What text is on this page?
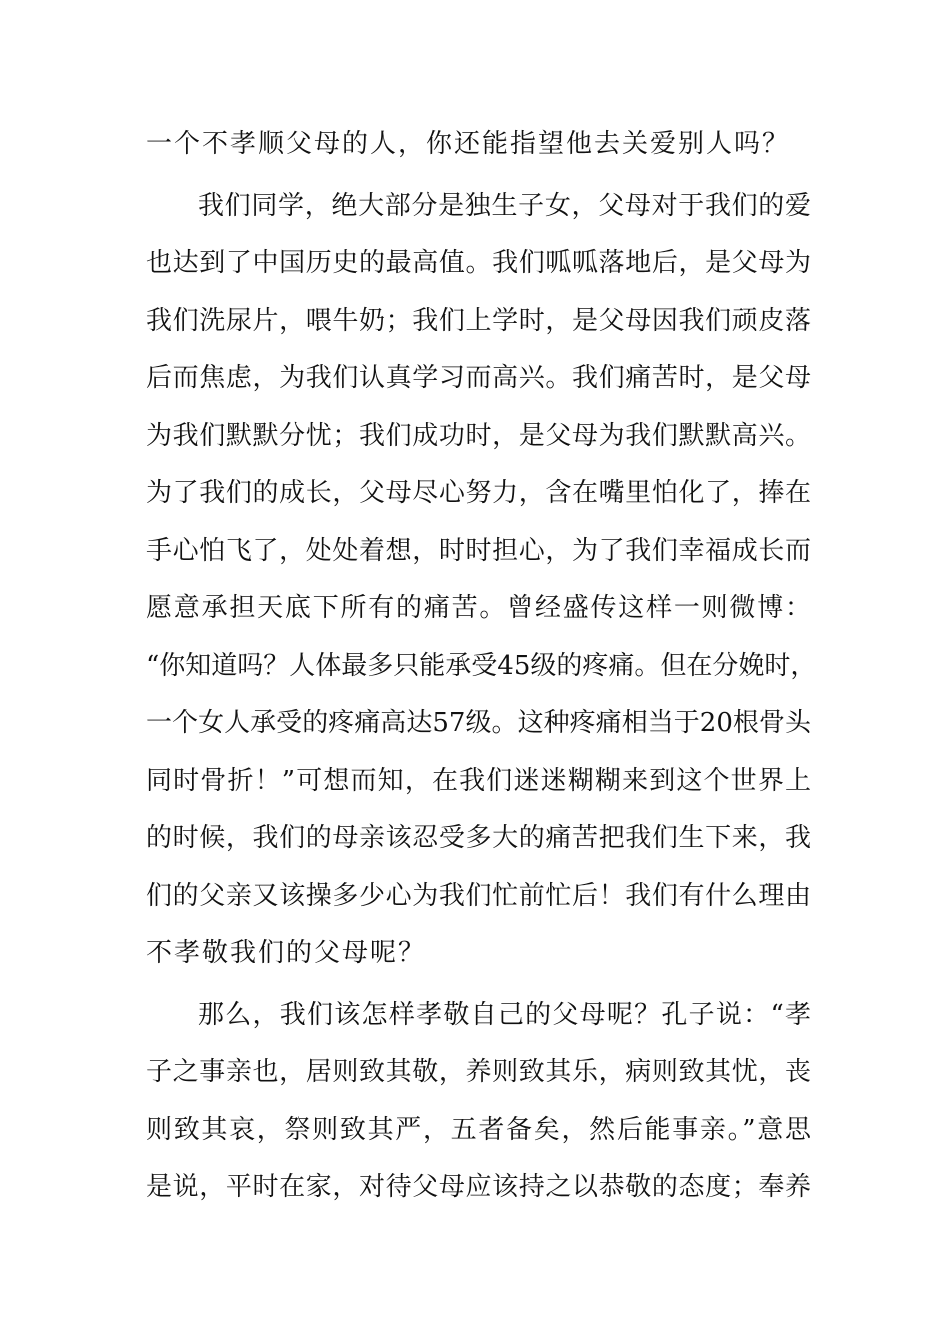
一个不孝顺父母的人，你还能指望他去关爱别人吗？
我们同学，绝大部分是独生子女，父母对于我们的爱
也达到了中国历史的最高值。我们呱呱落地后，是父母为
我们洗尿片，喂牛奶；我们上学时，是父母因我们顽皮落
后而焦虑，为我们认真学习而高兴。我们痛苦时，是父母
为我们默默分忧；我们成功时，是父母为我们默默高兴。
为了我们的成长，父母尽心努力，含在嘴里怕化了，捧在
手心怕飞了，处处着想，时时担心，为了我们幸福成长而
愿意承担天底下所有的痛苦。曾经盛传这样一则微博：
“你知道吗？人体最多只能承受45级的疼痛。但在分娩时，
一个女人承受的疼痛高达57级。这种疼痛相当于20根骨头
同时骨折！”可想而知，在我们迷迷糊糊来到这个世界上
的时候，我们的母亲该忍受多大的痛苦把我们生下来，我
们的父亲又该操多少心为我们忙前忙后！我们有什么理由
不孝敬我们的父母呢？
那么，我们该怎样孝敬自己的父母呢？孔子说：“孝
子之事亲也，居则致其敬，养则致其乐，病则致其忧，丧
则致其哀，祭则致其严，五者备矣，然后能事亲。”意思
是说，平时在家，对待父母应该持之以恭敬的态度；奉养
